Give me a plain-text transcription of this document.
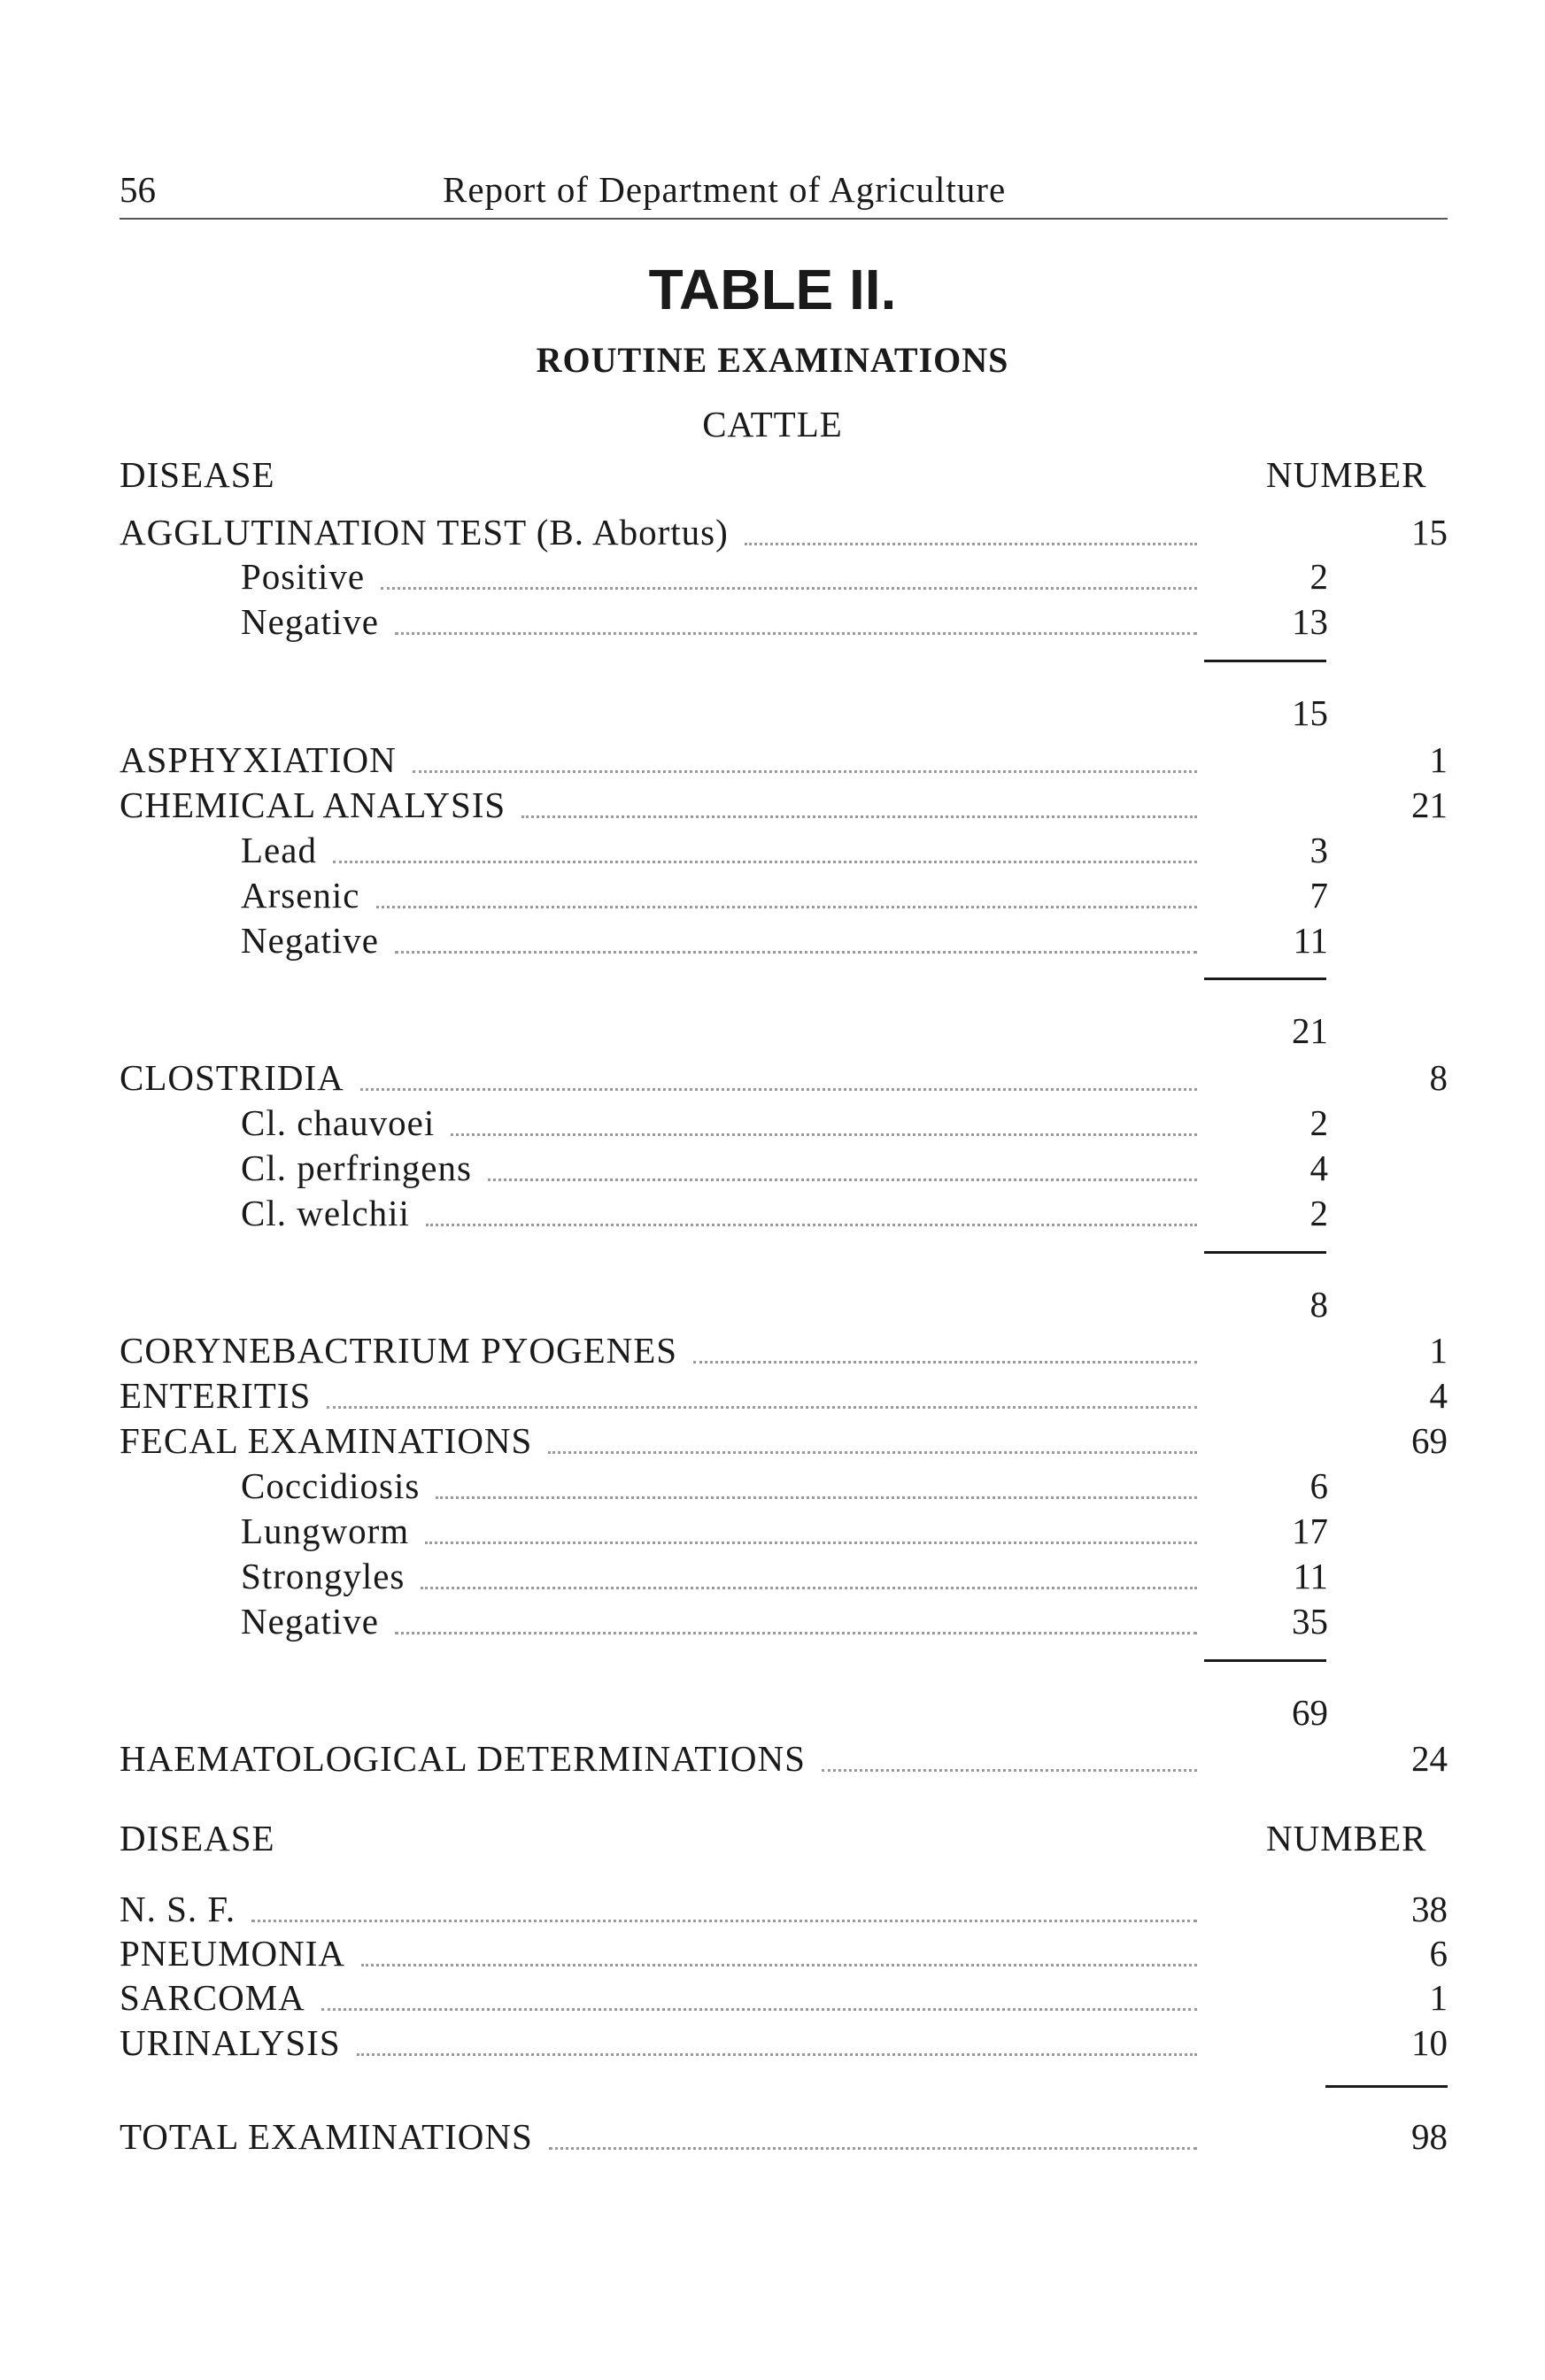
56	Report of Department of Agriculture
TABLE II.
ROUTINE EXAMINATIONS
CATTLE
DISEASE	NUMBER
AGGLUTINATION TEST (B. Abortus)	15
Positive	2
Negative	13
15
ASPHYXIATION	1
CHEMICAL ANALYSIS	21
Lead	3
Arsenic	7
Negative	11
21
CLOSTRIDIA	8
Cl. chauvoei	2
Cl. perfringens	4
Cl. welchii	2
8
CORYNEBACTRIUM PYOGENES	1
ENTERITIS	4
FECAL EXAMINATIONS	69
Coccidiosis	6
Lungworm	17
Strongyles	11
Negative	35
69
HAEMATOLOGICAL DETERMINATIONS	24
DISEASE	NUMBER
N. S. F.	38
PNEUMONIA	6
SARCOMA	1
URINALYSIS	10
TOTAL EXAMINATIONS	98
